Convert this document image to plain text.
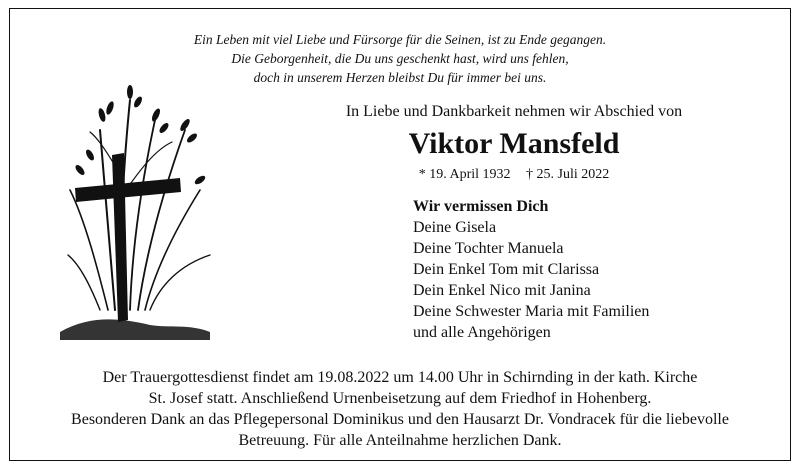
Ein Leben mit viel Liebe und Fürsorge für die Seinen, ist zu Ende gegangen.
Die Geborgenheit, die Du uns geschenkt hast, wird uns fehlen,
doch in unserem Herzen bleibst Du für immer bei uns.
In Liebe und Dankbarkeit nehmen wir Abschied von
Viktor Mansfeld
* 19. April 1932 † 25. Juli 2022
Wir vermissen Dich
Deine Gisela
Deine Tochter Manuela
Dein Enkel Tom mit Clarissa
Dein Enkel Nico mit Janina
Deine Schwester Maria mit Familien
und alle Angehörigen
Der Trauergottesdienst findet am 19.08.2022 um 14.00 Uhr in Schirnding in der kath. Kirche
St. Josef statt. Anschließend Urnenbeisetzung auf dem Friedhof in Hohenberg.
Besonderen Dank an das Pflegepersonal Dominikus und den Hausarzt Dr. Vondracek für die liebevolle
Betreuung. Für alle Anteilnahme herzlichen Dank.
